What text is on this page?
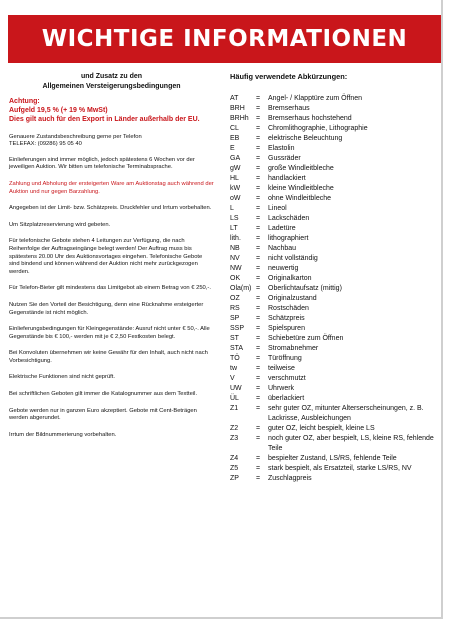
WICHTIGE INFORMATIONEN
und Zusatz zu den
Allgemeinen Versteigerungsbedingungen
Achtung:
Aufgeld 19,5 % (+ 19 % MwSt)
Dies gilt auch für den Export in Länder außerhalb der EU.
Genauere Zustandsbeschreibung gerne per Telefon
TELEFAX: (09286) 95 05 40
Einlieferungen sind immer möglich, jedoch spätestens 6 Wochen vor der jeweiligen Auktion. Wir bitten um telefonische Terminabsprache.
Zahlung und Abholung der ersteigerten Ware am Auktionstag auch während der Auktion und nur gegen Barzahlung.
Angegeben ist der Limit- bzw. Schätzpreis. Druckfehler und Irrtum vorbehalten.
Um Sitzplatzreservierung wird gebeten.
Für telefonische Gebote stehen 4 Leitungen zur Verfügung, die nach Reihenfolge der Auftragseingänge belegt werden! Der Auftrag muss bis spätestens 20.00 Uhr des Auktionsvortages eingehen. Telefonische Gebote sind bindend und können während der Auktion nicht mehr zurückgezogen werden.
Für Telefon-Bieter gilt mindestens das Limitgebot ab einem Betrag von € 250,-.
Nutzen Sie den Vorteil der Besichtigung, denn eine Rücknahme ersteigerter Gegenstände ist nicht möglich.
Einlieferungsbedingungen für Kleingegenstände: Ausruf nicht unter € 50,-. Alle Gegenstände bis € 100,- werden mit je € 2,50 Festkosten belegt.
Bei Konvoluten übernehmen wir keine Gewähr für den Inhalt, auch nicht nach Vorbesichtigung.
Elektrische Funktionen sind nicht geprüft.
Bei schriftlichen Geboten gilt immer die Katalognummer aus dem Textteil.
Gebote werden nur in ganzen Euro akzeptiert. Gebote mit Cent-Beträgen werden abgerundet.
Irrtum der Bildnummerierung vorbehalten.
Häufig verwendete Abkürzungen:
AT	=	Angel- / Klapptüre zum Öffnen
BRH	=	Bremserhaus
BRHh	=	Bremserhaus hochstehend
CL	=	Chromlithographie, Lithographie
EB	=	elektrische Beleuchtung
E	=	Elastolin
GA	=	Gussräder
gW	=	große Windleitbleche
HL	=	handlackiert
kW	=	kleine Windleitbleche
oW	=	ohne Windleitbleche
L	=	Lineol
LS	=	Lackschäden
LT	=	Ladetüre
lith.	=	lithographiert
NB	=	Nachbau
NV	=	nicht vollständig
NW	=	neuwertig
OK	=	Originalkarton
Ola(m) =	Oberlichtaufsatz (mittig)
OZ	=	Originalzustand
RS	=	Rostschäden
SP	=	Schätzpreis
SSP	=	Spielspuren
ST	=	Schiebetüre zum Öffnen
STA	=	Stromabnehmer
TÖ	=	Türöffnung
tw	=	teilweise
V	=	verschmutzt
UW	=	Uhrwerk
ÜL	=	überlackiert
Z1	=	sehr guter OZ, mitunter Alterserscheinungen, z. B. Lackrisse, Ausbleichungen
Z2	=	guter OZ, leicht bespielt, kleine LS
Z3	=	noch guter OZ, aber bespielt, LS, kleine RS, fehlende Teile
Z4	=	bespielter Zustand, LS/RS, fehlende Teile
Z5	=	stark bespielt, als Ersatzteil, starke LS/RS, NV
ZP	=	Zuschlagpreis
